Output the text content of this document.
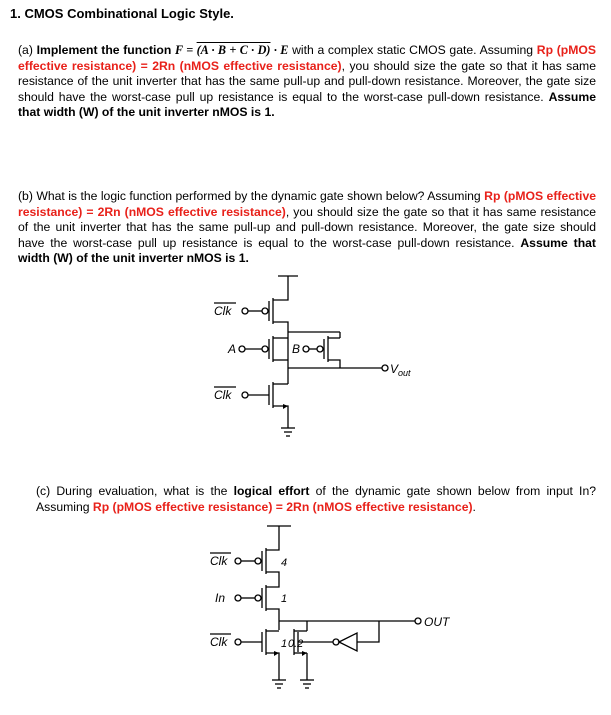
1. CMOS Combinational Logic Style.
(a) Implement the function F = (A · B + C · D) · E with a complex static CMOS gate. Assuming Rp (pMOS effective resistance) = 2Rn (nMOS effective resistance), you should size the gate so that it has same resistance of the unit inverter that has the same pull-up and pull-down resistance. Moreover, the gate size should have the worst-case pull up resistance is equal to the worst-case pull-down resistance. Assume that width (W) of the unit inverter nMOS is 1.
(b) What is the logic function performed by the dynamic gate shown below? Assuming Rp (pMOS effective resistance) = 2Rn (nMOS effective resistance), you should size the gate so that it has same resistance of the unit inverter that has the same pull-up and pull-down resistance. Moreover, the gate size should have the worst-case pull up resistance is equal to the worst-case pull-down resistance. Assume that width (W) of the unit inverter nMOS is 1.
Clk
A	B
$V_{out}$
Clk
(c) During evaluation, what is the logical effort of the dynamic gate shown below from input In? Assuming Rp (pMOS effective resistance) = 2Rn (nMOS effective resistance).
Clk	4
In	1
OUT
Clk	1 0.2
